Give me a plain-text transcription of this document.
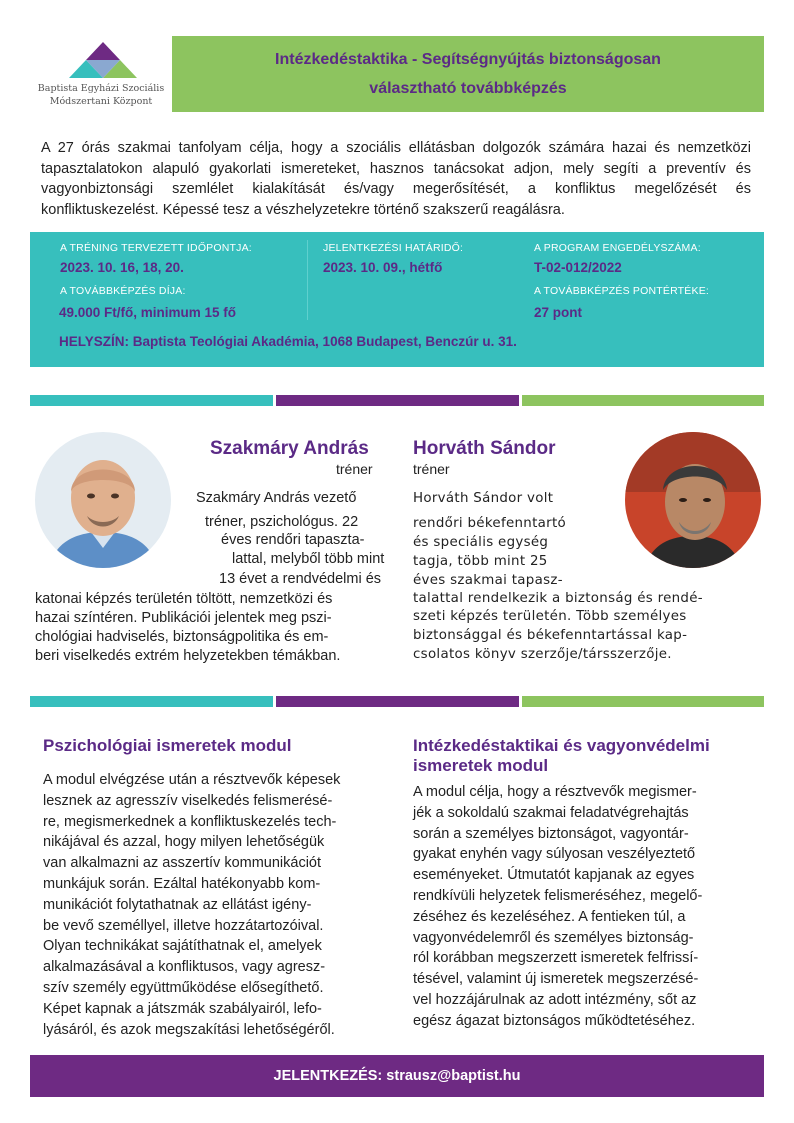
Baptista Egyházi Szociális
Módszertani Központ
Intézkedéstaktika - Segítségnyújtás biztonságosan
választható továbbképzés

A 27 órás szakmai tanfolyam célja, hogy a szociális ellátásban dolgozók számára hazai és nemzetközi tapasztalatokon alapuló gyakorlati ismereteket, hasznos tanácsokat adjon, mely segíti a preventív és vagyonbiztonsági szemlélet kialakítását és/vagy megerősítését, a konfliktus megelőzését és konfliktuskezelést. Képessé tesz a vészhelyzetekre történő szakszerű reagálásra.

A TRÉNING TERVEZETT IDŐPONTJA:
2023. 10. 16, 18, 20.
A TOVÁBBKÉPZÉS DÍJA:
49.000 Ft/fő, minimum 15 fő
JELENTKEZÉSI HATÁRIDŐ:
2023. 10. 09., hétfő
A PROGRAM ENGEDÉLYSZÁMA:
T-02-012/2022
A TOVÁBBKÉPZÉS PONTÉRTÉKE:
27 pont
HELYSZÍN: Baptista Teológiai Akadémia, 1068 Budapest, Benczúr u. 31.
Szakmáry András
tréner
Szakmáry András vezető
tréner, pszichológus. 22
éves rendőri tapaszta-
lattal, melyből több mint
13 évet a rendvédelmi és
katonai képzés területén töltött, nemzetközi és
hazai színtéren. Publikációi jelentek meg pszi-
chológiai hadviselés, biztonságpolitika és em-
beri viselkedés extrém helyzetekben témákban.
Horváth Sándor
tréner
Horváth Sándor volt
rendőri békefenntartó
és speciális egység
tagja, több mint 25
éves szakmai tapasz-
talattal rendelkezik a biztonság és rendé-
szeti képzés területén. Több személyes
biztonsággal és békefenntartással kap-
csolatos könyv szerzője/társszerzője.
Pszichológiai ismeretek modul
A modul elvégzése után a résztvevők képesek
lesznek az agresszív viselkedés felismerésé-
re, megismerkednek a konfliktuskezelés tech-
nikájával és azzal, hogy milyen lehetőségük
van alkalmazni az asszertív kommunikációt
munkájuk során. Ezáltal hatékonyabb kom-
munikációt folytathatnak az ellátást igény-
be vevő személlyel, illetve hozzátartozóival.
Olyan technikákat sajátíthatnak el, amelyek
alkalmazásával a konfliktusos, vagy agresz-
szív személy együttműködése elősegíthető.
Képet kapnak a játszmák szabályairól, lefo-
lyásáról, és azok megszakítási lehetőségéről.
Intézkedéstaktikai és vagyonvédelmi
ismeretek modul
A modul célja, hogy a résztvevők megismer-
jék a sokoldalú szakmai feladatvégrehajtás
során a személyes biztonságot, vagyontár-
gyakat enyhén vagy súlyosan veszélyeztető
eseményeket. Útmutatót kapjanak az egyes
rendkívüli helyzetek felismeréséhez, megelő-
zéséhez és kezeléséhez. A fentieken túl, a
vagyonvédelemről és személyes biztonság-
ról korábban megszerzett ismeretek felfrissí-
tésével, valamint új ismeretek megszerzésé-
vel hozzájárulnak az adott intézmény, sőt az
egész ágazat biztonságos működtetéséhez.
JELENTKEZÉS: strausz@baptist.hu
